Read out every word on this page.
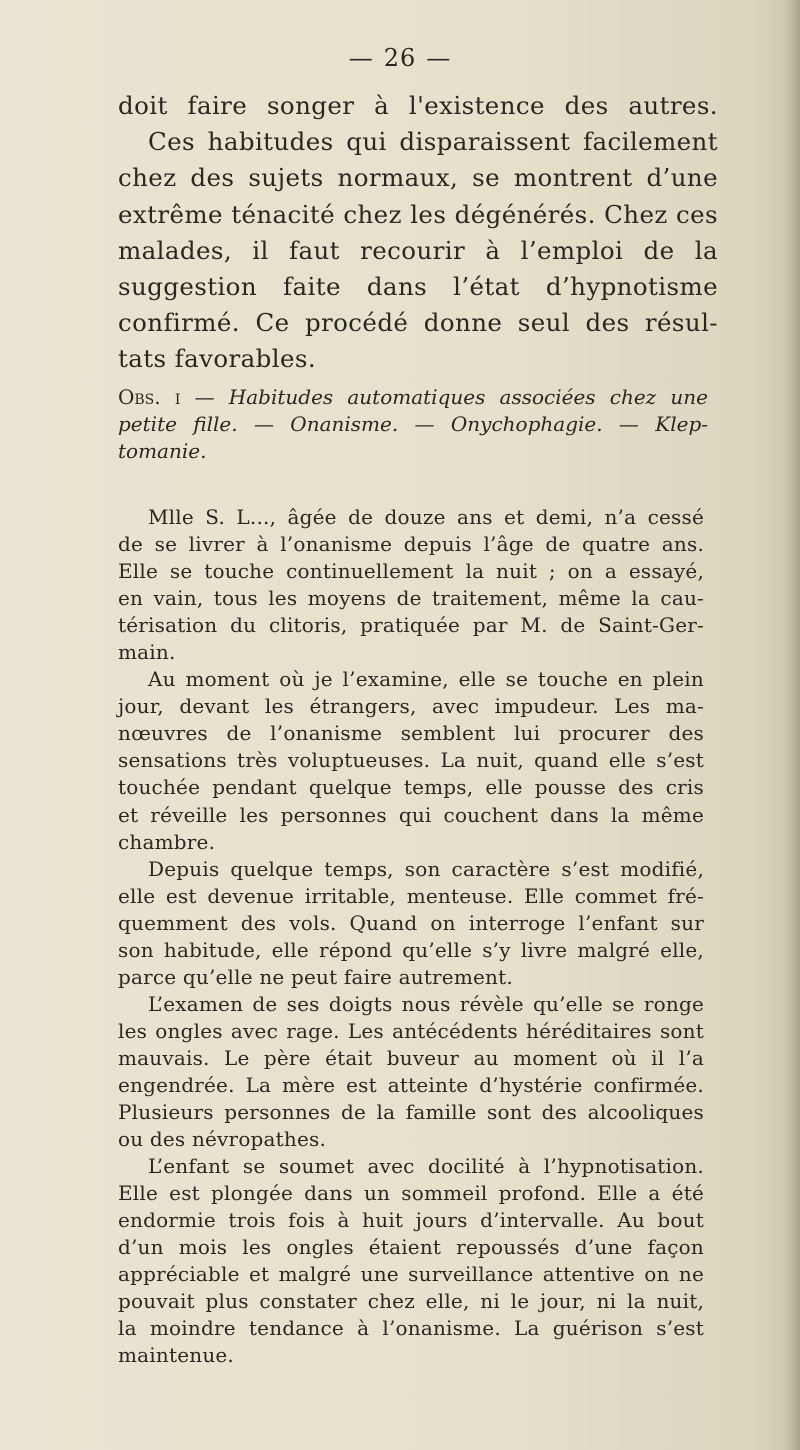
— 26 —
doit faire songer à l'existence des autres.
Ces habitudes qui disparaissent facilement
chez des sujets normaux, se montrent d’une
extrême ténacité chez les dégénérés. Chez ces
malades, il faut recourir à l’emploi de la
suggestion faite dans l’état d’hypnotisme
confirmé. Ce procédé donne seul des résul-
tats favorables.
Obs. i — Habitudes automatiques associées chez une
petite fille. — Onanisme. — Onychophagie. — Klep-
tomanie.
Mlle S. L..., âgée de douze ans et demi, n’a cessé
de se livrer à l’onanisme depuis l’âge de quatre ans.
Elle se touche continuellement la nuit ; on a essayé,
en vain, tous les moyens de traitement, même la cau-
térisation du clitoris, pratiquée par M. de Saint-Ger-
main.
Au moment où je l’examine, elle se touche en plein
jour, devant les étrangers, avec impudeur. Les ma-
nœuvres de l’onanisme semblent lui procurer des
sensations très voluptueuses. La nuit, quand elle s’est
touchée pendant quelque temps, elle pousse des cris
et réveille les personnes qui couchent dans la même
chambre.
Depuis quelque temps, son caractère s’est modifié,
elle est devenue irritable, menteuse. Elle commet fré-
quemment des vols. Quand on interroge l’enfant sur
son habitude, elle répond qu’elle s’y livre malgré elle,
parce qu’elle ne peut faire autrement.
L’examen de ses doigts nous révèle qu’elle se ronge
les ongles avec rage. Les antécédents héréditaires sont
mauvais. Le père était buveur au moment où il l’a
engendrée. La mère est atteinte d’hystérie confirmée.
Plusieurs personnes de la famille sont des alcooliques
ou des névropathes.
L’enfant se soumet avec docilité à l’hypnotisation.
Elle est plongée dans un sommeil profond. Elle a été
endormie trois fois à huit jours d’intervalle. Au bout
d’un mois les ongles étaient repoussés d’une façon
appréciable et malgré une surveillance attentive on ne
pouvait plus constater chez elle, ni le jour, ni la nuit,
la moindre tendance à l’onanisme. La guérison s’est
maintenue.
